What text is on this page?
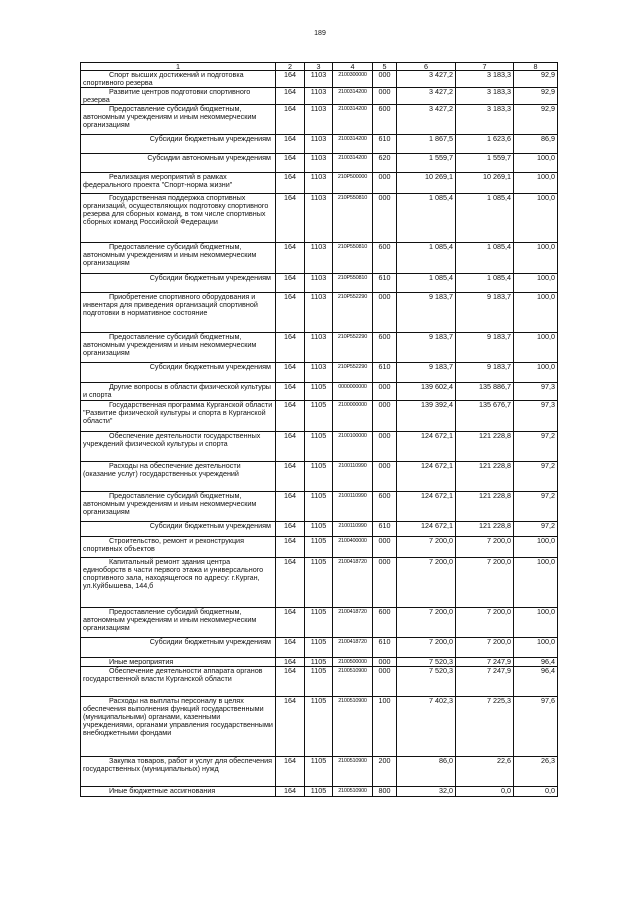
189
1	2	3	4	5	6	7	8

Спорт высших достижений и подготовка спортивного резерва	164	1103	2100300000	000	3 427,2	3 183,3	92,9

Развитие центров подготовки спортивного резерва	164	1103	2100314200	000	3 427,2	3 183,3	92,9

Предоставление субсидий бюджетным, автономным учреждениям и иным некоммерческим организациям	164	1103	2100314200	600	3 427,2	3 183,3	92,9

Субсидии бюджетным учреждениям	164	1103	2100314200	610	1 867,5	1 623,6	86,9

Субсидии автономным учреждениям	164	1103	2100314200	620	1 559,7	1 559,7	100,0

Реализация мероприятий в рамках федерального проекта "Спорт-норма жизни"	164	1103	210P500000	000	10 269,1	10 269,1	100,0

Государственная поддержка спортивных организаций, осуществляющих подготовку спортивного резерва для сборных команд, в том числе спортивных сборных команд Российской Федерации	164	1103	210P550810	000	1 085,4	1 085,4	100,0

Предоставление субсидий бюджетным, автономным учреждениям и иным некоммерческим организациям	164	1103	210P550810	600	1 085,4	1 085,4	100,0

Субсидии бюджетным учреждениям	164	1103	210P550810	610	1 085,4	1 085,4	100,0

Приобретение спортивного оборудования и инвентаря для приведения организаций спортивной подготовки в нормативное состояние	164	1103	210P552290	000	9 183,7	9 183,7	100,0

Предоставление субсидий бюджетным, автономным учреждениям и иным некоммерческим организациям	164	1103	210P552290	600	9 183,7	9 183,7	100,0

Субсидии бюджетным учреждениям	164	1103	210P552290	610	9 183,7	9 183,7	100,0

Другие вопросы в области физической культуры и спорта	164	1105	0000000000	000	139 602,4	135 886,7	97,3

Государственная программа Курганской области "Развитие физической культуры и спорта в Курганской области"	164	1105	2100000000	000	139 392,4	135 676,7	97,3

Обеспечение деятельности государственных учреждений физической культуры и спорта	164	1105	2100100000	000	124 672,1	121 228,8	97,2

Расходы на обеспечение деятельности (оказание услуг) государственных учреждений	164	1105	2100110990	000	124 672,1	121 228,8	97,2

Предоставление субсидий бюджетным, автономным учреждениям и иным некоммерческим организациям	164	1105	2100110990	600	124 672,1	121 228,8	97,2

Субсидии бюджетным учреждениям	164	1105	2100110990	610	124 672,1	121 228,8	97,2

Строительство, ремонт и реконструкция спортивных объектов	164	1105	2100400000	000	7 200,0	7 200,0	100,0

Капитальный ремонт здания центра единоборств в части первого этажа и универсального спортивного зала, находящегося по адресу: г.Курган, ул.Куйбышева, 144,б	164	1105	2100418720	000	7 200,0	7 200,0	100,0

Предоставление субсидий бюджетным, автономным учреждениям и иным некоммерческим организациям	164	1105	2100418720	600	7 200,0	7 200,0	100,0

Субсидии бюджетным учреждениям	164	1105	2100418720	610	7 200,0	7 200,0	100,0

Иные мероприятия	164	1105	2100500000	000	7 520,3	7 247,9	96,4

Обеспечение деятельности аппарата органов государственной власти Курганской области	164	1105	2100510900	000	7 520,3	7 247,9	96,4

Расходы на выплаты персоналу в целях обеспечения выполнения функций государственными (муниципальными) органами, казенными учреждениями, органами управления государственными внебюджетными фондами	164	1105	2100510900	100	7 402,3	7 225,3	97,6

Закупка товаров, работ и услуг для обеспечения государственных (муниципальных) нужд	164	1105	2100510900	200	86,0	22,6	26,3

Иные бюджетные ассигнования	164	1105	2100510900	800	32,0	0,0	0,0
